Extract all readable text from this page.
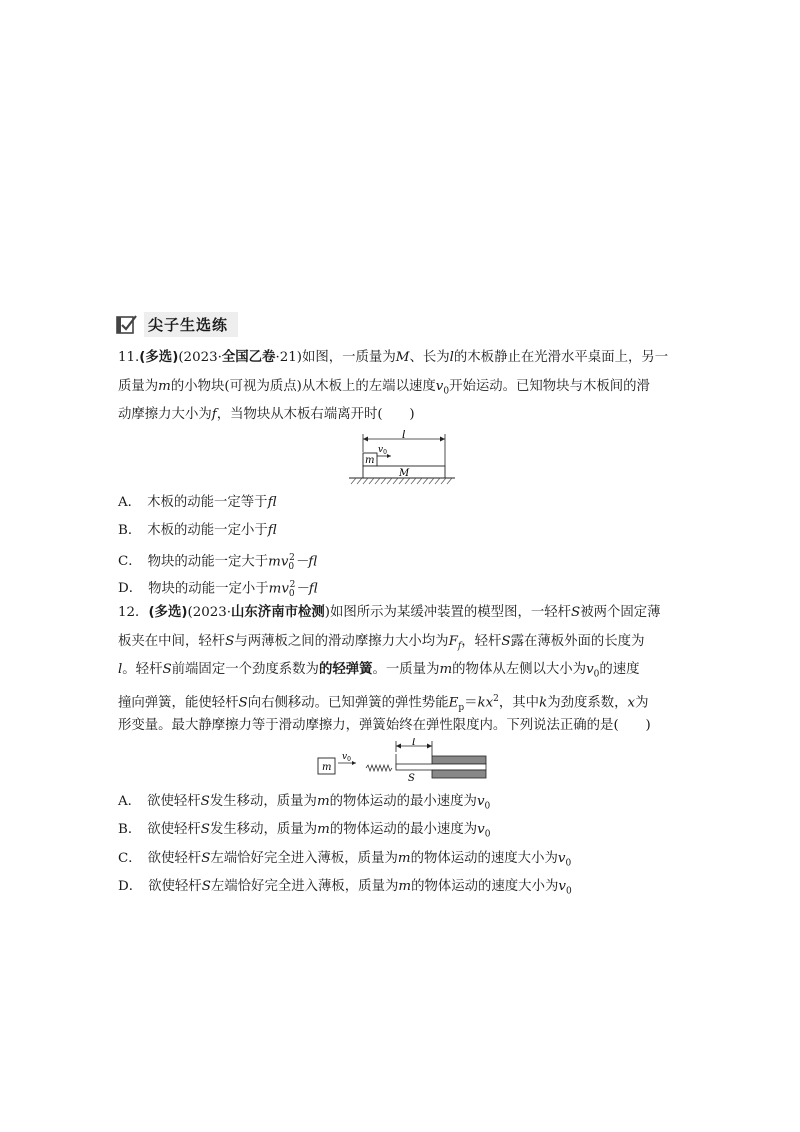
尖子生选练
11.(多选)(2023·全国乙卷·21)如图，一质量为M、长为l的木板静止在光滑水平桌面上，另一
质量为m的小物块(可视为质点)从木板上的左端以速度$v_0$开始运动。已知物块与木板间的滑
动摩擦力大小为f，当物块从木板右端离开时(　　)
l
m
$v_0$
M
A． 木板的动能一定等于fl
B． 木板的动能一定小于fl
C． 物块的动能一定大于$mv_0^2-fl$
D． 物块的动能一定小于$mv_0^2-fl$
12．(多选)(2023·山东济南市检测)如图所示为某缓冲装置的模型图，一轻杆S被两个固定薄
板夹在中间，轻杆S与两薄板之间的滑动摩擦力大小均为$F_f$，轻杆S露在薄板外面的长度为
l。轻杆S前端固定一个劲度系数为的轻弹簧。一质量为m的物体从左侧以大小为$v_0$的速度
撞向弹簧，能使轻杆S向右侧移动。已知弹簧的弹性势能$E_p=kx^2$，其中k为劲度系数，x为
形变量。最大静摩擦力等于滑动摩擦力，弹簧始终在弹性限度内。下列说法正确的是(　　)
m
$v_0$
l
S
A． 欲使轻杆S发生移动，质量为m的物体运动的最小速度为$v_0$
B． 欲使轻杆S发生移动，质量为m的物体运动的最小速度为$v_0$
C． 欲使轻杆S左端恰好完全进入薄板，质量为m的物体运动的速度大小为$v_0$
D． 欲使轻杆S左端恰好完全进入薄板，质量为m的物体运动的速度大小为$v_0$
